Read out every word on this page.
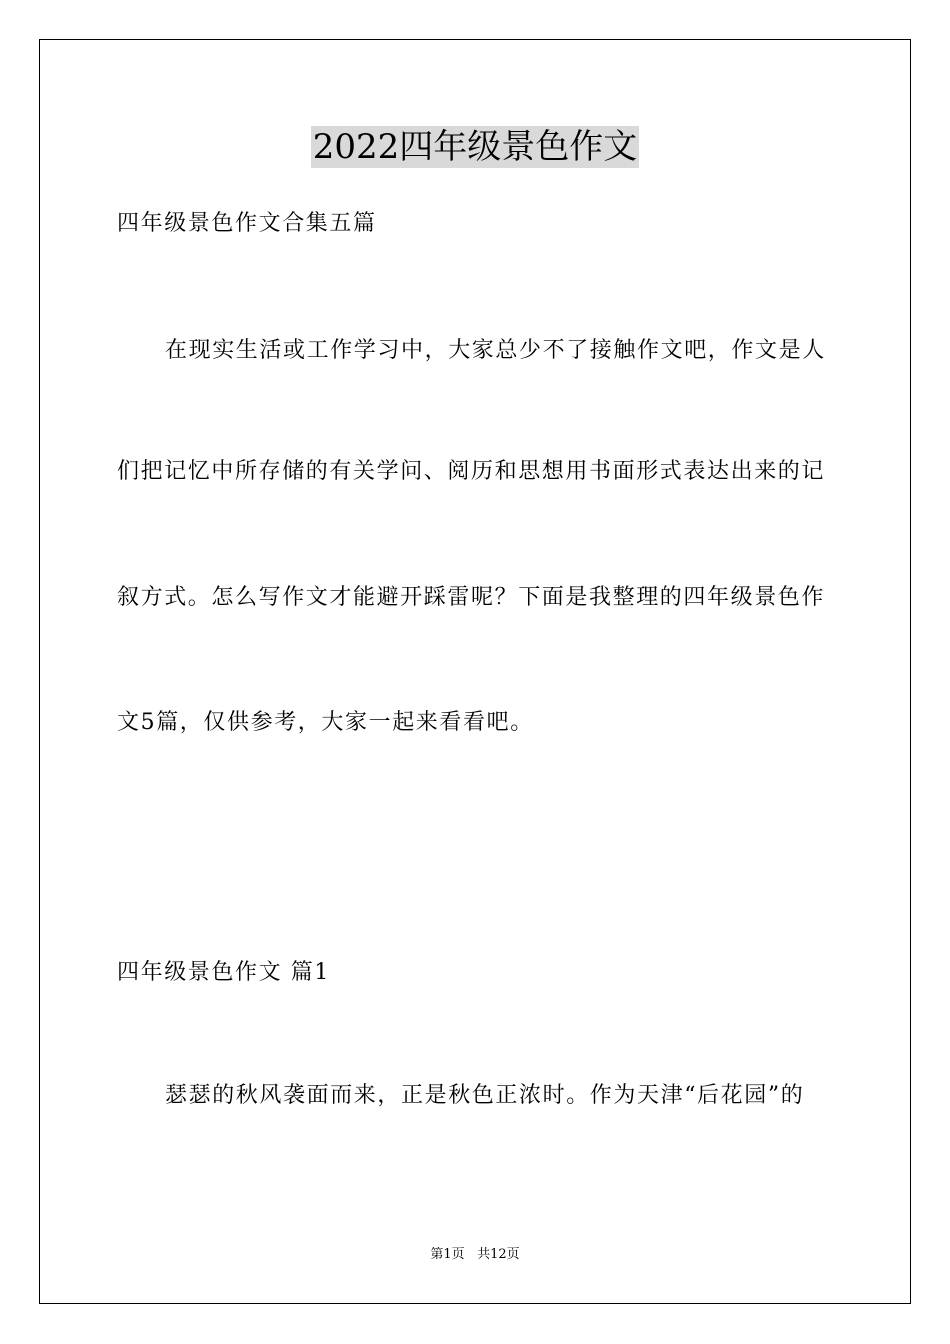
2022四年级景色作文
四年级景色作文合集五篇
在现实生活或工作学习中，大家总少不了接触作文吧，作文是人
们把记忆中所存储的有关学问、阅历和思想用书面形式表达出来的记
叙方式。怎么写作文才能避开踩雷呢？下面是我整理的四年级景色作
文5篇，仅供参考，大家一起来看看吧。
四年级景色作文 篇1
瑟瑟的秋风袭面而来，正是秋色正浓时。作为天津“后花园”的
第1页 共12页
